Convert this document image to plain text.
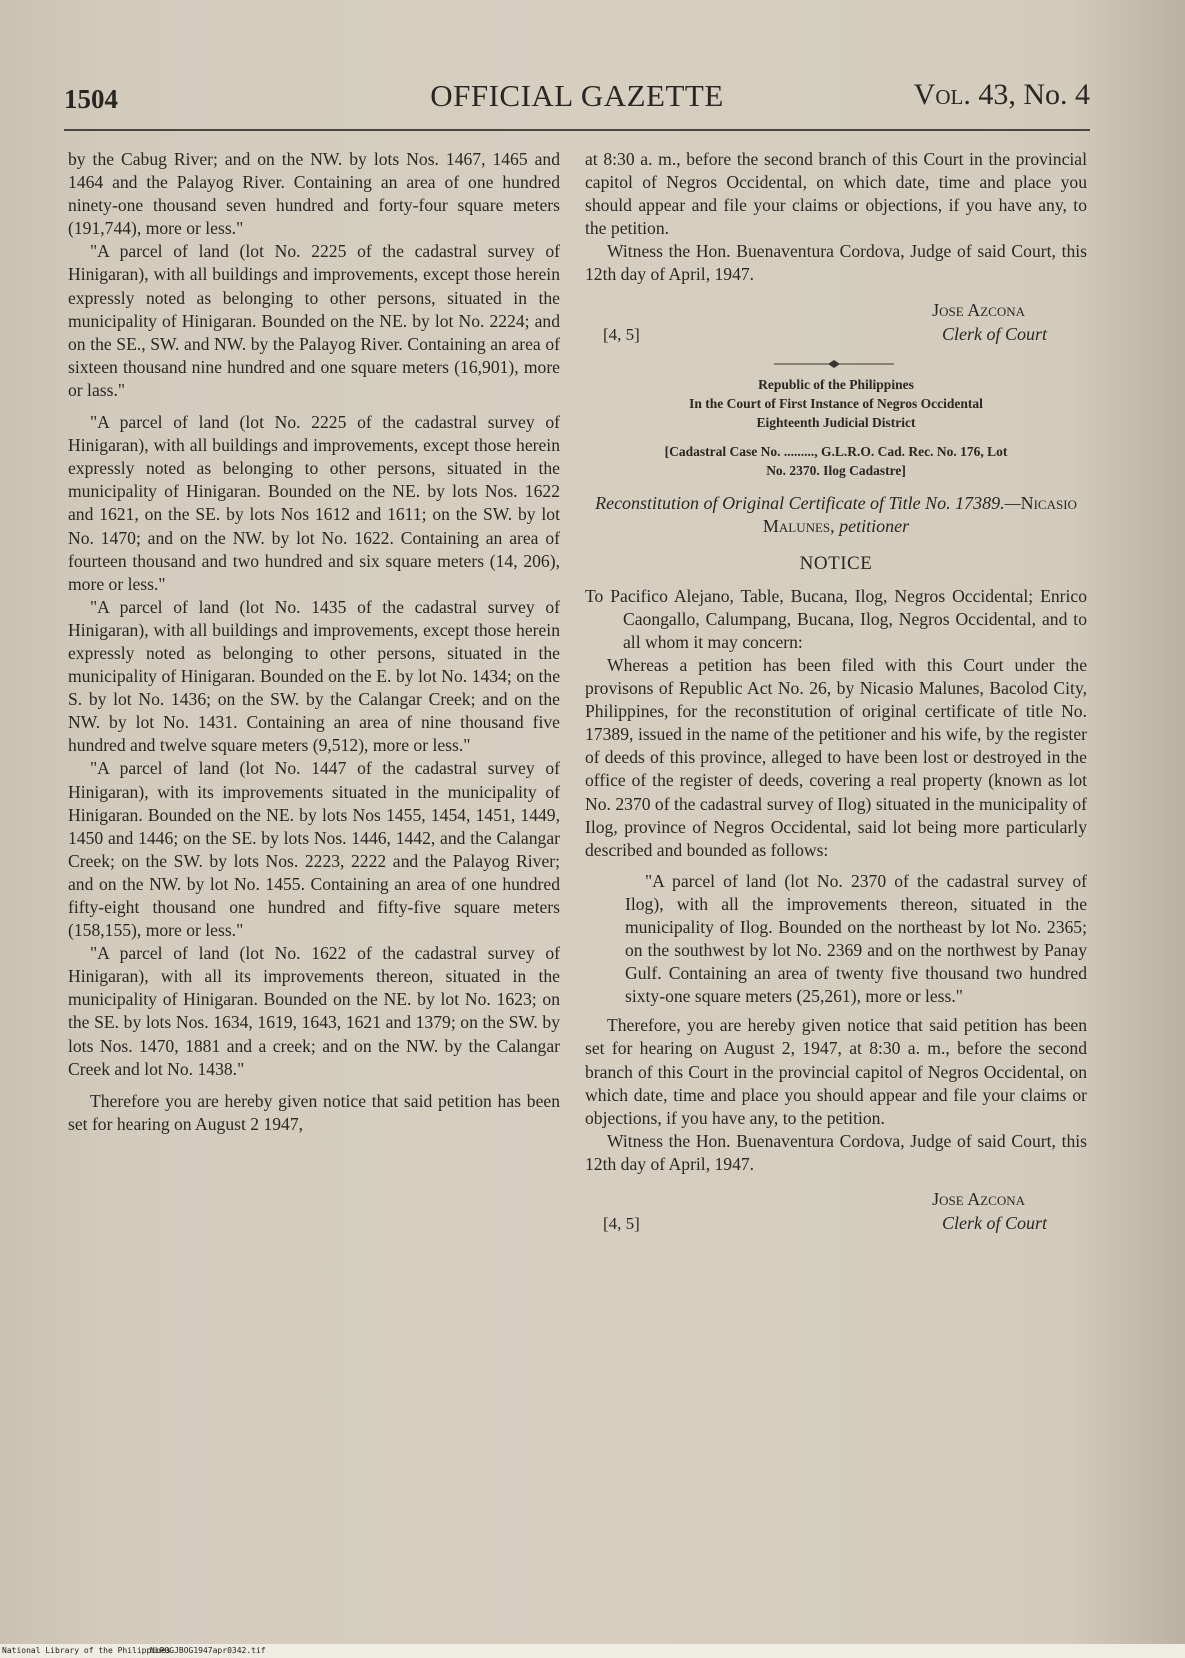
1504	OFFICIAL GAZETTE	Vol. 43, No. 4

by the Cabug River; and on the NW. by lots Nos. 1467, 1465 and 1464 and the Palayog River. Containing an area of one hundred ninety-one thousand seven hundred and forty-four square meters (191,744), more or less."

"A parcel of land (lot No. 2225 of the cadastral survey of Hinigaran), with all buildings and improvements, except those herein expressly noted as belonging to other persons, situated in the municipality of Hinigaran. Bounded on the NE. by lot No. 2224; and on the SE., SW. and NW. by the Palayog River. Containing an area of sixteen thousand nine hundred and one square meters (16,901), more or lass."

"A parcel of land (lot No. 2225 of the cadastral survey of Hinigaran), with all buildings and improvements, except those herein expressly noted as belonging to other persons, situated in the municipality of Hinigaran. Bounded on the NE. by lots Nos. 1622 and 1621, on the SE. by lots Nos 1612 and 1611; on the SW. by lot No. 1470; and on the NW. by lot No. 1622. Containing an area of fourteen thousand and two hundred and six square meters (14, 206), more or less."

"A parcel of land (lot No. 1435 of the cadastral survey of Hinigaran), with all buildings and improvements, except those herein expressly noted as belonging to other persons, situated in the municipality of Hinigaran. Bounded on the E. by lot No. 1434; on the S. by lot No. 1436; on the SW. by the Calangar Creek; and on the NW. by lot No. 1431. Containing an area of nine thousand five hundred and twelve square meters (9,512), more or less."

"A parcel of land (lot No. 1447 of the cadastral survey of Hinigaran), with its improvements situated in the municipality of Hinigaran. Bounded on the NE. by lots Nos 1455, 1454, 1451, 1449, 1450 and 1446; on the SE. by lots Nos. 1446, 1442, and the Calangar Creek; on the SW. by lots Nos. 2223, 2222 and the Palayog River; and on the NW. by lot No. 1455. Containing an area of one hundred fifty-eight thousand one hundred and fifty-five square meters (158,155), more or less."

"A parcel of land (lot No. 1622 of the cadastral survey of Hinigaran), with all its improvements thereon, situated in the municipality of Hinigaran. Bounded on the NE. by lot No. 1623; on the SE. by lots Nos. 1634, 1619, 1643, 1621 and 1379; on the SW. by lots Nos. 1470, 1881 and a creek; and on the NW. by the Calangar Creek and lot No. 1438."

Therefore you are hereby given notice that said petition has been set for hearing on August 2 1947,

at 8:30 a. m., before the second branch of this Court in the provincial capitol of Negros Occidental, on which date, time and place you should appear and file your claims or objections, if you have any, to the petition.

Witness the Hon. Buenaventura Cordova, Judge of said Court, this 12th day of April, 1947.

[4, 5]
Jose Azcona
Clerk of Court
Republic of the Philippines
In the Court of First Instance of Negros Occidental
Eighteenth Judicial District
[Cadastral Case No. ........., G.L.R.O. Cad. Rec. No. 176, Lot
No. 2370. Ilog Cadastre]
Reconstitution of Original Certificate of Title No. 17389.—Nicasio Malunes, petitioner
NOTICE

To Pacifico Alejano, Table, Bucana, Ilog, Negros Occidental; Enrico Caongallo, Calumpang, Bucana, Ilog, Negros Occidental, and to all whom it may concern:

Whereas a petition has been filed with this Court under the provisons of Republic Act No. 26, by Nicasio Malunes, Bacolod City, Philippines, for the reconstitution of original certificate of title No. 17389, issued in the name of the petitioner and his wife, by the register of deeds of this province, alleged to have been lost or destroyed in the office of the register of deeds, covering a real property (known as lot No. 2370 of the cadastral survey of Ilog) situated in the municipality of Ilog, province of Negros Occidental, said lot being more particularly described and bounded as follows:

"A parcel of land (lot No. 2370 of the cadastral survey of Ilog), with all the improvements thereon, situated in the municipality of Ilog. Bounded on the northeast by lot No. 2365; on the southwest by lot No. 2369 and on the northwest by Panay Gulf. Containing an area of twenty five thousand two hundred sixty-one square meters (25,261), more or less."

Therefore, you are hereby given notice that said petition has been set for hearing on August 2, 1947, at 8:30 a. m., before the second branch of this Court in the provincial capitol of Negros Occidental, on which date, time and place you should appear and file your claims or objections, if you have any, to the petition.

Witness the Hon. Buenaventura Cordova, Judge of said Court, this 12th day of April, 1947.

[4, 5]
Jose Azcona
Clerk of Court
National Library of the Philippines
NLPOGJBOG1947apr0342.tif
